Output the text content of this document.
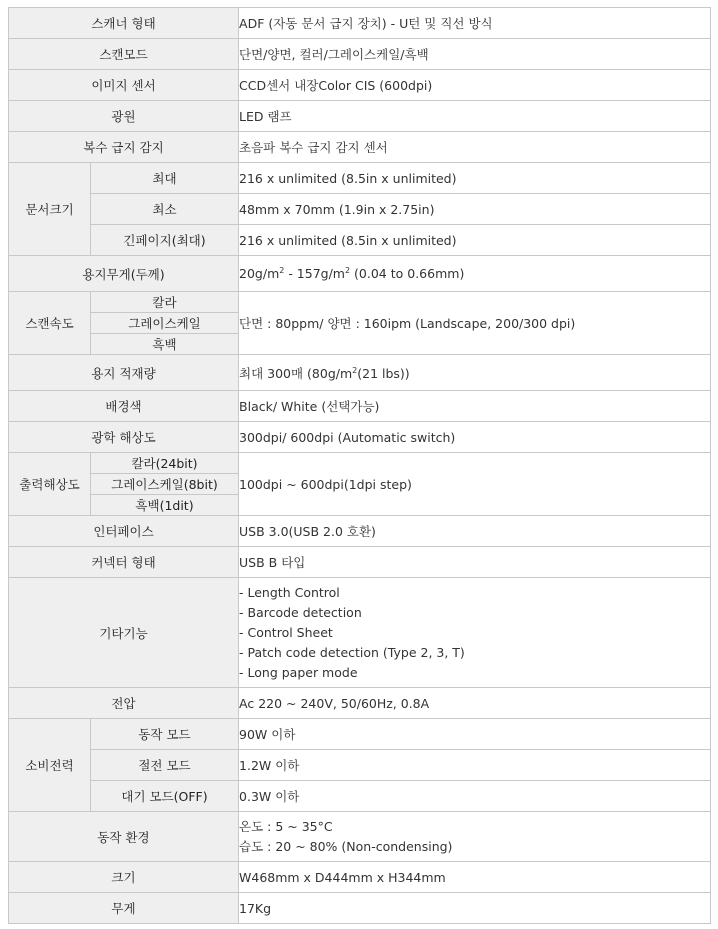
스캐너 형태		ADF (자동 문서 급지 장치) - U턴 및 직선 방식
스캔모드		단면/양면, 컬러/그레이스케일/흑백
이미지 센서		CCD센서 내장Color CIS (600dpi)
광원		LED 램프
복수 급지 감지		초음파 복수 급지 감지 센서
문서크기	최대	216 x unlimited (8.5in x unlimited)
	최소	48mm x 70mm (1.9in x 2.75in)
	긴페이지(최대)	216 x unlimited (8.5in x unlimited)
용지무게(두께)		$20g/m^2 - 157g/m^2$ (0.04 to 0.66mm)
스캔속도	칼라	단면 : 80ppm/ 양면 : 160ipm (Landscape, 200/300 dpi)
	그레이스케일	
	흑백	
용지 적재량		최대 300매 ($80g/m^2(21$ lbs))
배경색		Black/ White (선택가능)
광학 해상도		300dpi/ 600dpi (Automatic switch)
출력해상도	칼라(24bit)	100dpi ~ 600dpi(1dpi step)
	그레이스케일(8bit)	
	흑백(1dit)	
인터페이스		USB 3.0(USB 2.0 호환)
커넥터 형태		USB B 타입
기타기능		- Length Control
- Barcode detection
- Control Sheet
- Patch code detection (Type 2, 3, T)
- Long paper mode

전압		Ac 220 ~ 240V, 50/60Hz, 0.8A
소비전력	동작 모드	90W 이하
	절전 모드	1.2W 이하
	대기 모드(OFF)	0.3W 이하
동작 환경		온도 : 5 ~ 35°C
습도 : 20 ~ 80% (Non-condensing)

크기		W468mm x D444mm x H344mm
무게		17Kg
